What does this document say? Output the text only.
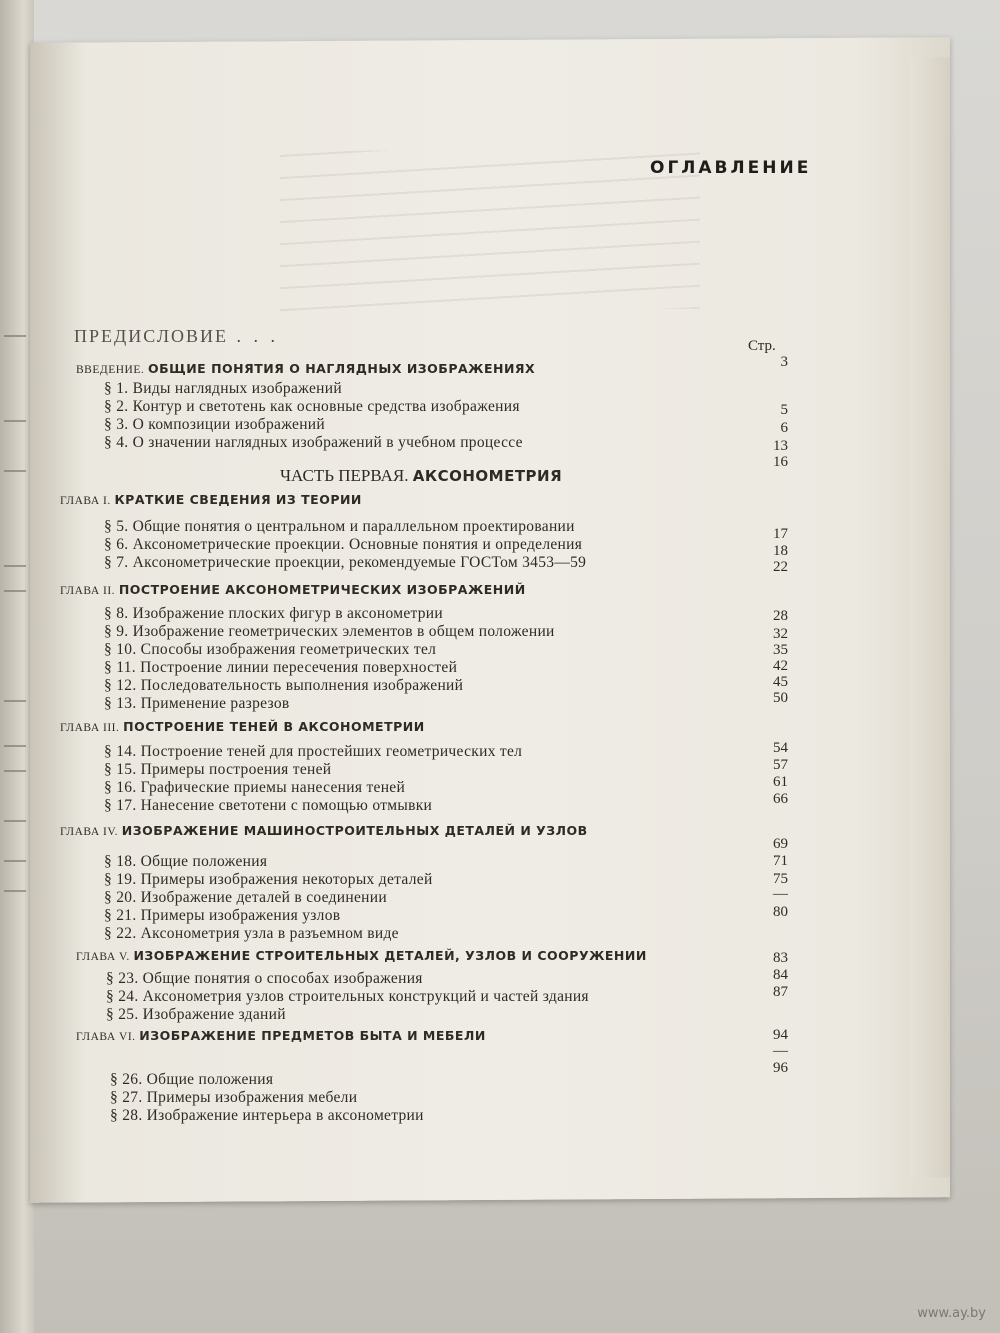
ОГЛАВЛЕНИЕ
ПРЕДИСЛОВИЕ . . .	Стр.
ВВЕДЕНИЕ. ОБЩИЕ ПОНЯТИЯ О НАГЛЯДНЫХ ИЗОБРАЖЕНИЯХ
§ 1. Виды наглядных изображений
§ 2. Контур и светотень как основные средства изображения
§ 3. О композиции изображений
§ 4. О значении наглядных изображений в учебном процессе
ЧАСТЬ ПЕРВАЯ. АКСОНОМЕТРИЯ
ГЛАВА I. КРАТКИЕ СВЕДЕНИЯ ИЗ ТЕОРИИ
§ 5. Общие понятия о центральном и параллельном проектировании
§ 6. Аксонометрические проекции. Основные понятия и определения
§ 7. Аксонометрические проекции, рекомендуемые ГОСТом 3453—59
ГЛАВА II. ПОСТРОЕНИЕ АКСОНОМЕТРИЧЕСКИХ ИЗОБРАЖЕНИЙ
§ 8. Изображение плоских фигур в аксонометрии
§ 9. Изображение геометрических элементов в общем положении
§ 10. Способы изображения геометрических тел
§ 11. Построение линии пересечения поверхностей
§ 12. Последовательность выполнения изображений
§ 13. Применение разрезов
ГЛАВА III. ПОСТРОЕНИЕ ТЕНЕЙ В АКСОНОМЕТРИИ
§ 14. Построение теней для простейших геометрических тел
§ 15. Примеры построения теней
§ 16. Графические приемы нанесения теней
§ 17. Нанесение светотени с помощью отмывки
ГЛАВА IV. ИЗОБРАЖЕНИЕ МАШИНОСТРОИТЕЛЬНЫХ ДЕТАЛЕЙ И УЗЛОВ
§ 18. Общие положения
§ 19. Примеры изображения некоторых деталей
§ 20. Изображение деталей в соединении
§ 21. Примеры изображения узлов
§ 22. Аксонометрия узла в разъемном виде
ГЛАВА V. ИЗОБРАЖЕНИЕ СТРОИТЕЛЬНЫХ ДЕТАЛЕЙ, УЗЛОВ И СООРУЖЕНИИ
§ 23. Общие понятия о способах изображения
§ 24. Аксонометрия узлов строительных конструкций и частей здания
§ 25. Изображение зданий
ГЛАВА VI. ИЗОБРАЖЕНИЕ ПРЕДМЕТОВ БЫТА И МЕБЕЛИ
§ 26. Общие положения
§ 27. Примеры изображения мебели
§ 28. Изображение интерьера в аксонометрии
3
5
6
13
16
17
18
22
28
32
35
42
45
50
54
57
61
66
69
71
75
—
80
83
84
87
94
—
96
www.ay.by
